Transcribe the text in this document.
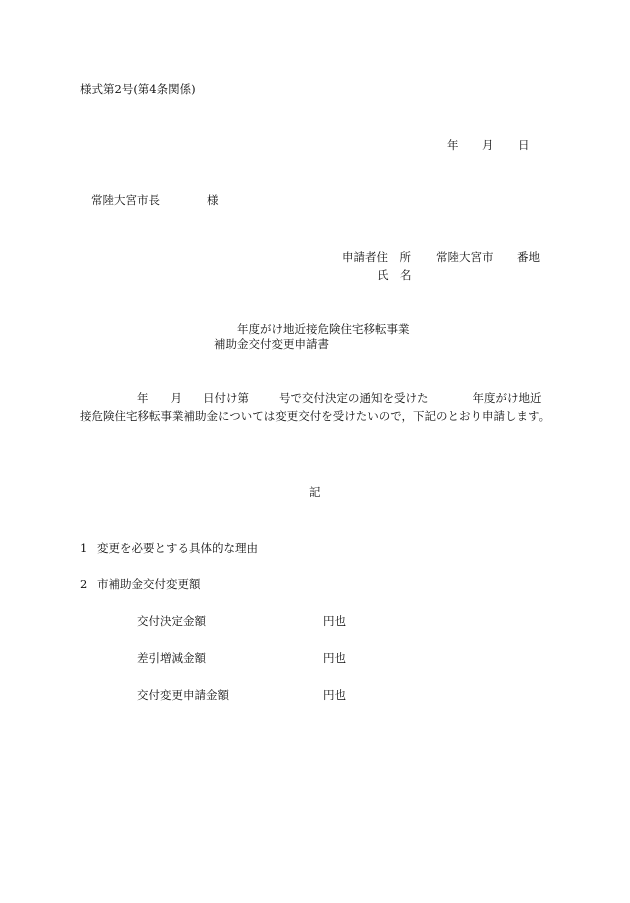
様式第2号(第4条関係)
年 月 日
常陸大宮市長	様
申請者住　所 常陸大宮市 番地
氏　名
年度がけ地近接危険住宅移転事業
補助金交付変更申請書
年 月 日付け第	号で交付決定の通知を受けた	年度がけ地近接危険住宅移転事業補助金については変更交付を受けたいので，下記のとおり申請します。
記
1 変更を必要とする具体的な理由
2 市補助金交付変更額
交付決定金額	円也
差引増減金額	円也
交付変更申請金額	円也
